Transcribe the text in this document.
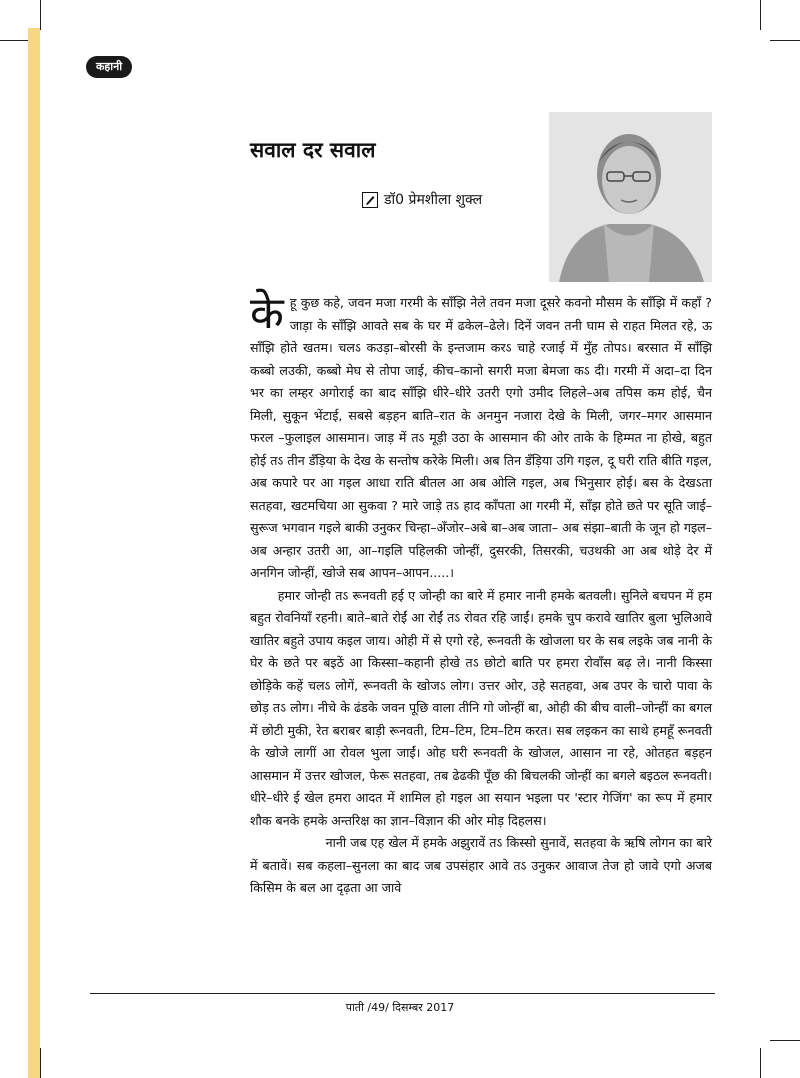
कहानी
सवाल दर सवाल
डॉ0 प्रेमशीला शुक्ल

केहू कुछ कहे, जवन मजा गरमी के साँझि नेले तवन मजा दूसरे कवनो मौसम के साँझि में कहाँ ? जाड़ा के साँझि आवते सब के घर में ढकेल–ढेले। दिनें जवन तनी घाम से राहत मिलत रहे, ऊ साँझि होते खतम। चलऽ कउड़ा–बोरसी के इन्तजाम करऽ चाहे रजाई में मुँह तोपऽ। बरसात में साँझि कब्बो लउकी, कब्बो मेघ से तोपा जाई, कीच–कानो सगरी मजा बेमजा कऽ दी। गरमी में अदा–दा दिन भर का लम्हर अगोराई का बाद साँझि धीरे–धीरे उतरी एगो उमीद लिहले–अब तपिस कम होई, चैन मिली, सुकून भेंटाई, सबसे बड़हन बाति–रात के अनमुन नजारा देखे के मिली, जगर–मगर आसमान फरल –फुलाइल आसमान। जाड़ में तऽ मूड़ी उठा के आसमान की ओर ताके के हिम्मत ना होखे, बहुत होई तऽ तीन डँड़िया के देख के सन्तोष करेके मिली। अब तिन डँड़िया उगि गइल, दू घरी राति बीति गइल, अब कपारे पर आ गइल आधा राति बीतल आ अब ओलि गइल, अब भिनुसार होई। बस के देखऽता सतहवा, खटमचिया आ सुकवा ? मारे जाड़े तऽ हाद काँपता आ गरमी में, साँझ होते छते पर सूति जाई– सुरूज भगवान गइले बाकी उनुकर चिन्हा–अँजोर–अबे बा–अब जाता– अब संझा–बाती के जून हो गइल–अब अन्हार उतरी आ, आ–गइलि पहिलकी जोन्हीं, दुसरकी, तिसरकी, चउथकी आ अब थोड़े देर में अनगिन जोन्हीं, खोजे सब आपन–आपन.....।

हमार जोन्ही तऽ रूनवती हई ए जोन्ही का बारे में हमार नानी हमके बतवली। सुनिले बचपन में हम बहुत रोवनियाँ रहनी। बाते–बाते रोईं आ रोईं तऽ रोवत रहि जाईं। हमके चुप करावे खातिर बुला भुलिआवे खातिर बहुते उपाय कइल जाय। ओही में से एगो रहे, रूनवती के खोजला घर के सब लइके जब नानी के घेर के छते पर बइठें आ किस्सा–कहानी होखे तऽ छोटो बाति पर हमरा रोवाँस बढ़ ले। नानी किस्सा छोड़िके कहें चलऽ लोगें, रूनवती के खोजऽ लोग। उत्तर ओर, उहे सतहवा, अब उपर के चारो पावा के छोड़ तऽ लोग। नीचे के ढंडके जवन पूछि वाला तीनि गो जोन्हीं बा, ओही की बीच वाली–जोन्हीं का बगल में छोटी मुकी, रेत बराबर बाड़ी रूनवती, टिम–टिम, टिम–टिम करत। सब लइकन का साथे हमहूँ रूनवती के खोजे लागीं आ रोवल भुला जाईं। ओह घरी रूनवती के खोजल, आसान ना रहे, ओतहत बड़हन आसमान में उत्तर खोजल, फेरू सतहवा, तब ढेढकी पूँछ की बिचलकी जोन्हीं का बगले बइठल रूनवती। धीरे–धीरे ई खेल हमरा आदत में शामिल हो गइल आ सयान भइला पर 'स्टार गेजिंग' का रूप में हमार शौक बनके हमके अन्तरिक्ष का ज्ञान–विज्ञान की ओर मोड़ दिहलस।

नानी जब एह खेल में हमके अझुरावें तऽ किस्सो सुनावें, सतहवा के ऋषि लोगन का बारे में बतावें। सब कहला–सुनला का बाद जब उपसंहार आवे तऽ उनुकर आवाज तेज हो जावे एगो अजब किसिम के बल आ दृढ़ता आ जावे

पाती /49/ दिसम्बर 2017
